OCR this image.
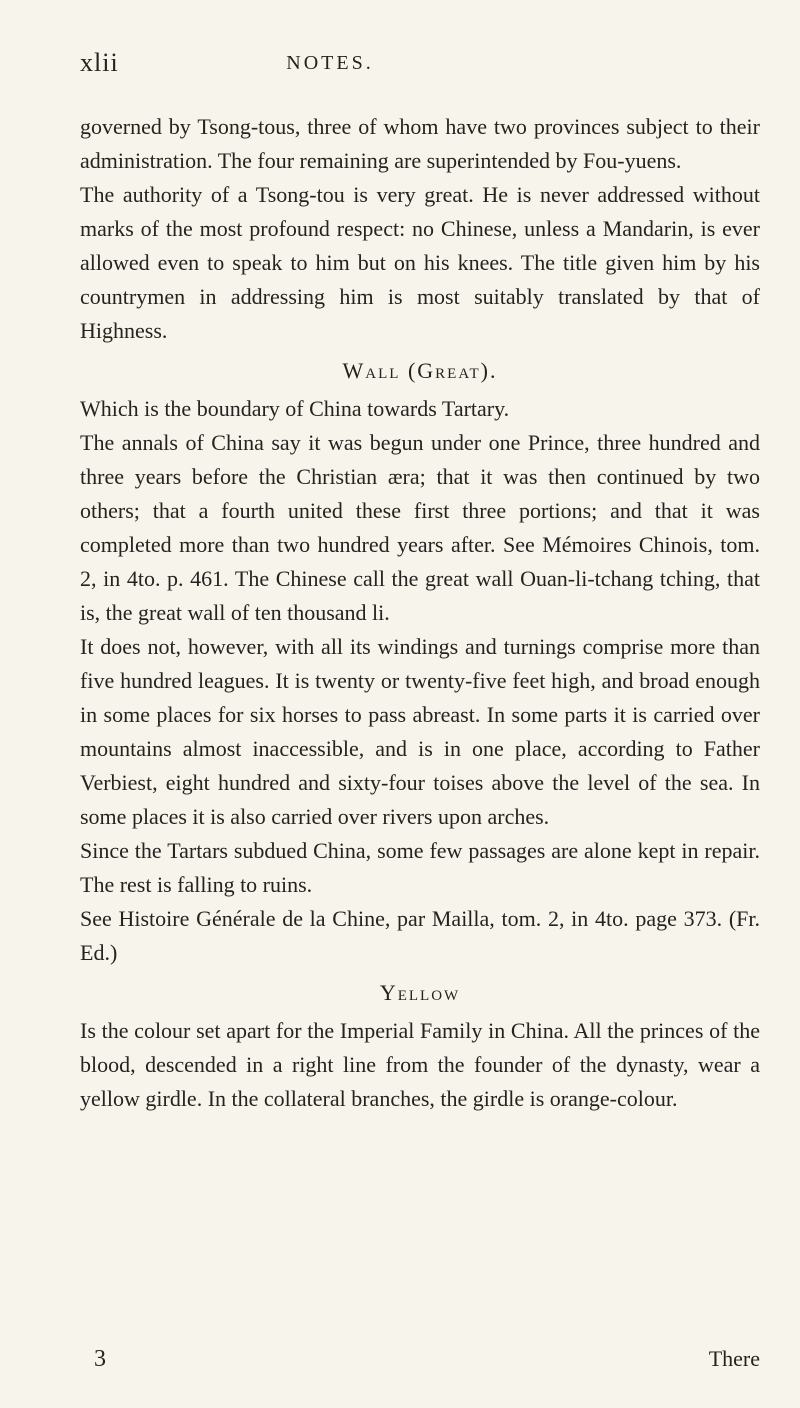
xlii	NOTES.

governed by Tsong-tous, three of whom have two provinces subject to their administration. The four remaining are superintended by Fou-yuens.

The authority of a Tsong-tou is very great. He is never addressed without marks of the most profound respect: no Chinese, unless a Mandarin, is ever allowed even to speak to him but on his knees. The title given him by his countrymen in addressing him is most suitably translated by that of Highness.

Wall (Great).

Which is the boundary of China towards Tartary.

The annals of China say it was begun under one Prince, three hundred and three years before the Christian æra; that it was then continued by two others; that a fourth united these first three portions; and that it was completed more than two hundred years after. See Mémoires Chinois, tom. 2, in 4to. p. 461. The Chinese call the great wall Ouan-li-tchang tching, that is, the great wall of ten thousand li.

It does not, however, with all its windings and turnings comprise more than five hundred leagues. It is twenty or twenty-five feet high, and broad enough in some places for six horses to pass abreast. In some parts it is carried over mountains almost inaccessible, and is in one place, according to Father Verbiest, eight hundred and sixty-four toises above the level of the sea. In some places it is also carried over rivers upon arches.

Since the Tartars subdued China, some few passages are alone kept in repair. The rest is falling to ruins.

See Histoire Générale de la Chine, par Mailla, tom. 2, in 4to. page 373. (Fr. Ed.)

Yellow

Is the colour set apart for the Imperial Family in China. All the princes of the blood, descended in a right line from the founder of the dynasty, wear a yellow girdle. In the collateral branches, the girdle is orange-colour.

3	There
